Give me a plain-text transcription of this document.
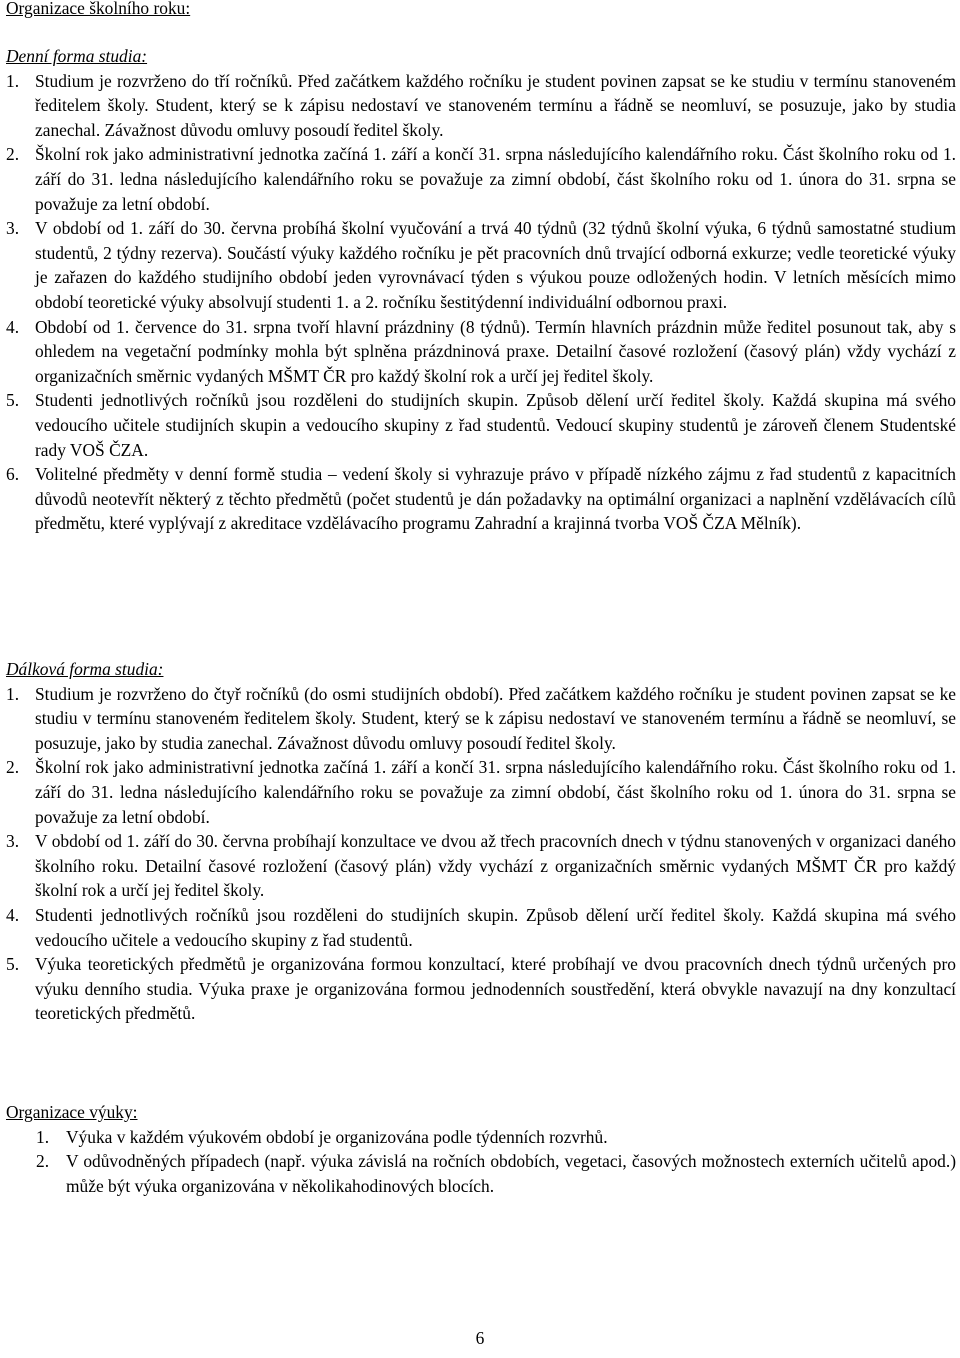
Organizace školního roku:

Denní forma studia:

1. Studium je rozvrženo do tří ročníků. Před začátkem každého ročníku je student povinen zapsat se ke studiu v termínu stanoveném ředitelem školy. Student, který se k zápisu nedostaví ve stanoveném termínu a řádně se neomluví, se posuzuje, jako by studia zanechal. Závažnost důvodu omluvy posoudí ředitel školy.
2. Školní rok jako administrativní jednotka začíná 1. září a končí 31. srpna následujícího kalendářního roku. Část školního roku od 1. září do 31. ledna následujícího kalendářního roku se považuje za zimní období, část školního roku od 1. února do 31. srpna se považuje za letní období.
3. V období od 1. září do 30. června probíhá školní vyučování a trvá 40 týdnů (32 týdnů školní výuka, 6 týdnů samostatné studium studentů, 2 týdny rezerva). Součástí výuky každého ročníku je pět pracovních dnů trvající odborná exkurze; vedle teoretické výuky je zařazen do každého studijního období jeden vyrovnávací týden s výukou pouze odložených hodin. V letních měsících mimo období teoretické výuky absolvují studenti 1. a 2. ročníku šestitýdenní individuální odbornou praxi.
4. Období od 1. července do 31. srpna tvoří hlavní prázdniny (8 týdnů). Termín hlavních prázdnin může ředitel posunout tak, aby s ohledem na vegetační podmínky mohla být splněna prázdninová praxe. Detailní časové rozložení (časový plán) vždy vychází z organizačních směrnic vydaných MŠMT ČR pro každý školní rok a určí jej ředitel školy.
5. Studenti jednotlivých ročníků jsou rozděleni do studijních skupin. Způsob dělení určí ředitel školy. Každá skupina má svého vedoucího učitele studijních skupin a vedoucího skupiny z řad studentů. Vedoucí skupiny studentů je zároveň členem Studentské rady VOŠ ČZA.
6. Volitelné předměty v denní formě studia – vedení školy si vyhrazuje právo v případě nízkého zájmu z řad studentů z kapacitních důvodů neotevřít některý z těchto předmětů (počet studentů je dán požadavky na optimální organizaci a naplnění vzdělávacích cílů předmětu, které vyplývají z akreditace vzdělávacího programu Zahradní a krajinná tvorba VOŠ ČZA Mělník).

Dálková forma studia:

1. Studium je rozvrženo do čtyř ročníků (do osmi studijních období). Před začátkem každého ročníku je student povinen zapsat se ke studiu v termínu stanoveném ředitelem školy. Student, který se k zápisu nedostaví ve stanoveném termínu a řádně se neomluví, se posuzuje, jako by studia zanechal. Závažnost důvodu omluvy posoudí ředitel školy.
2. Školní rok jako administrativní jednotka začíná 1. září a končí 31. srpna následujícího kalendářního roku. Část školního roku od 1. září do 31. ledna následujícího kalendářního roku se považuje za zimní období, část školního roku od 1. února do 31. srpna se považuje za letní období.
3. V období od 1. září do 30. června probíhají konzultace ve dvou až třech pracovních dnech v týdnu stanovených v organizaci daného školního roku. Detailní časové rozložení (časový plán) vždy vychází z organizačních směrnic vydaných MŠMT ČR pro každý školní rok a určí jej ředitel školy.
4. Studenti jednotlivých ročníků jsou rozděleni do studijních skupin. Způsob dělení určí ředitel školy. Každá skupina má svého vedoucího učitele a vedoucího skupiny z řad studentů.
5. Výuka teoretických předmětů je organizována formou konzultací, které probíhají ve dvou pracovních dnech týdnů určených pro výuku denního studia. Výuka praxe je organizována formou jednodenních soustředění, která obvykle navazují na dny konzultací teoretických předmětů.

Organizace výuky:

1. Výuka v každém výukovém období je organizována podle týdenních rozvrhů.
2. V odůvodněných případech (např. výuka závislá na ročních obdobích, vegetaci, časových možnostech externích učitelů apod.) může být výuka organizována v několikahodinových blocích.
6
